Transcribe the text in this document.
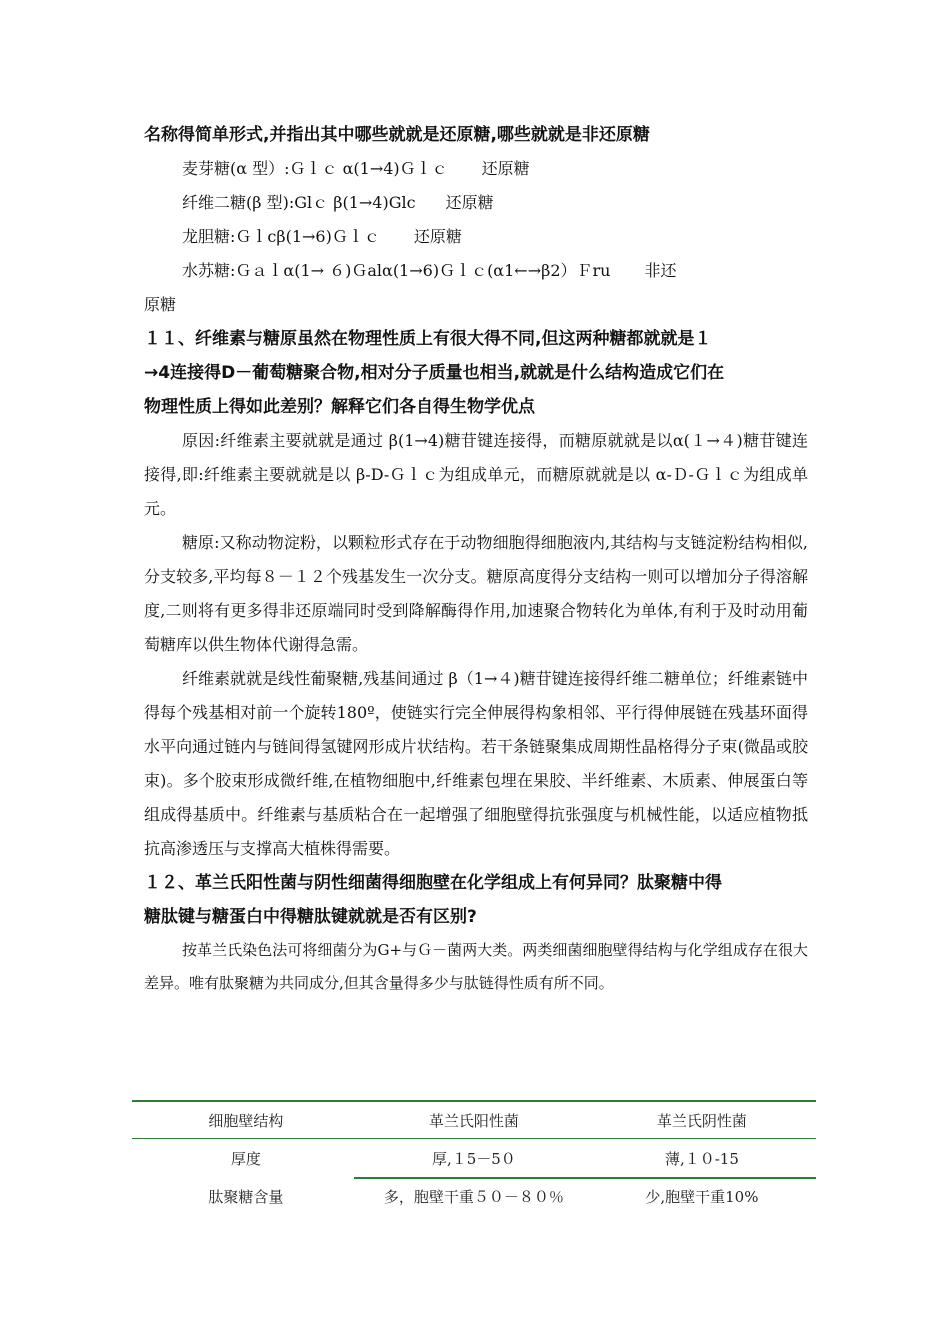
名称得简单形式,并指出其中哪些就就是还原糖,哪些就就是非还原糖

麦芽糖(α 型）:Ｇｌｃ α(1→4)Ｇｌｃ 还原糖

纤维二糖(β 型):Glｃ β(1→4)Glc 还原糖

龙胆糖:Ｇｌcβ(1→6)Ｇｌｃ 还原糖

水苏糖:Ｇａｌα(1→ ６)Ｇalα(1→6)Ｇｌｃ(α1←→β2）Ｆru 非还

原糖

１１、纤维素与糖原虽然在物理性质上有很大得不同,但这两种糖都就就是１

→4连接得D－葡萄糖聚合物,相对分子质量也相当,就就是什么结构造成它们在

物理性质上得如此差别？解释它们各自得生物学优点

原因:纤维素主要就就是通过 β(1→4)糖苷键连接得，而糖原就就是以α(１→４)糖苷键连接得,即:纤维素主要就就是以 β-D-Ｇｌｃ为组成单元，而糖原就就是以 α-Ｄ-Ｇｌｃ为组成单元。

糖原:又称动物淀粉，以颗粒形式存在于动物细胞得细胞液内,其结构与支链淀粉结构相似,分支较多,平均每８－１２个残基发生一次分支。糖原高度得分支结构一则可以增加分子得溶解度,二则将有更多得非还原端同时受到降解酶得作用,加速聚合物转化为单体,有利于及时动用葡萄糖库以供生物体代谢得急需。

纤维素就就是线性葡聚糖,残基间通过 β（1→４)糖苷键连接得纤维二糖单位；纤维素链中得每个残基相对前一个旋转180º，使链实行完全伸展得构象相邻、平行得伸展链在残基环面得水平向通过链内与链间得氢键网形成片状结构。若干条链聚集成周期性晶格得分子束(微晶或胶束)。多个胶束形成微纤维,在植物细胞中,纤维素包埋在果胶、半纤维素、木质素、伸展蛋白等组成得基质中。纤维素与基质粘合在一起增强了细胞壁得抗张强度与机械性能，以适应植物抵抗高渗透压与支撑高大植株得需要。

１２、革兰氏阳性菌与阴性细菌得细胞壁在化学组成上有何异同？肽聚糖中得

糖肽键与糖蛋白中得糖肽键就就是否有区别?

按革兰氏染色法可将细菌分为G+与Ｇ－菌两大类。两类细菌细胞壁得结构与化学组成存在很大差异。唯有肽聚糖为共同成分,但其含量得多少与肽链得性质有所不同。

细胞壁结构	革兰氏阳性菌	革兰氏阴性菌
厚度	厚,１5－5０	薄,１０-15
肽聚糖含量	多，胞壁干重５０－８０％	少,胞壁干重10%
